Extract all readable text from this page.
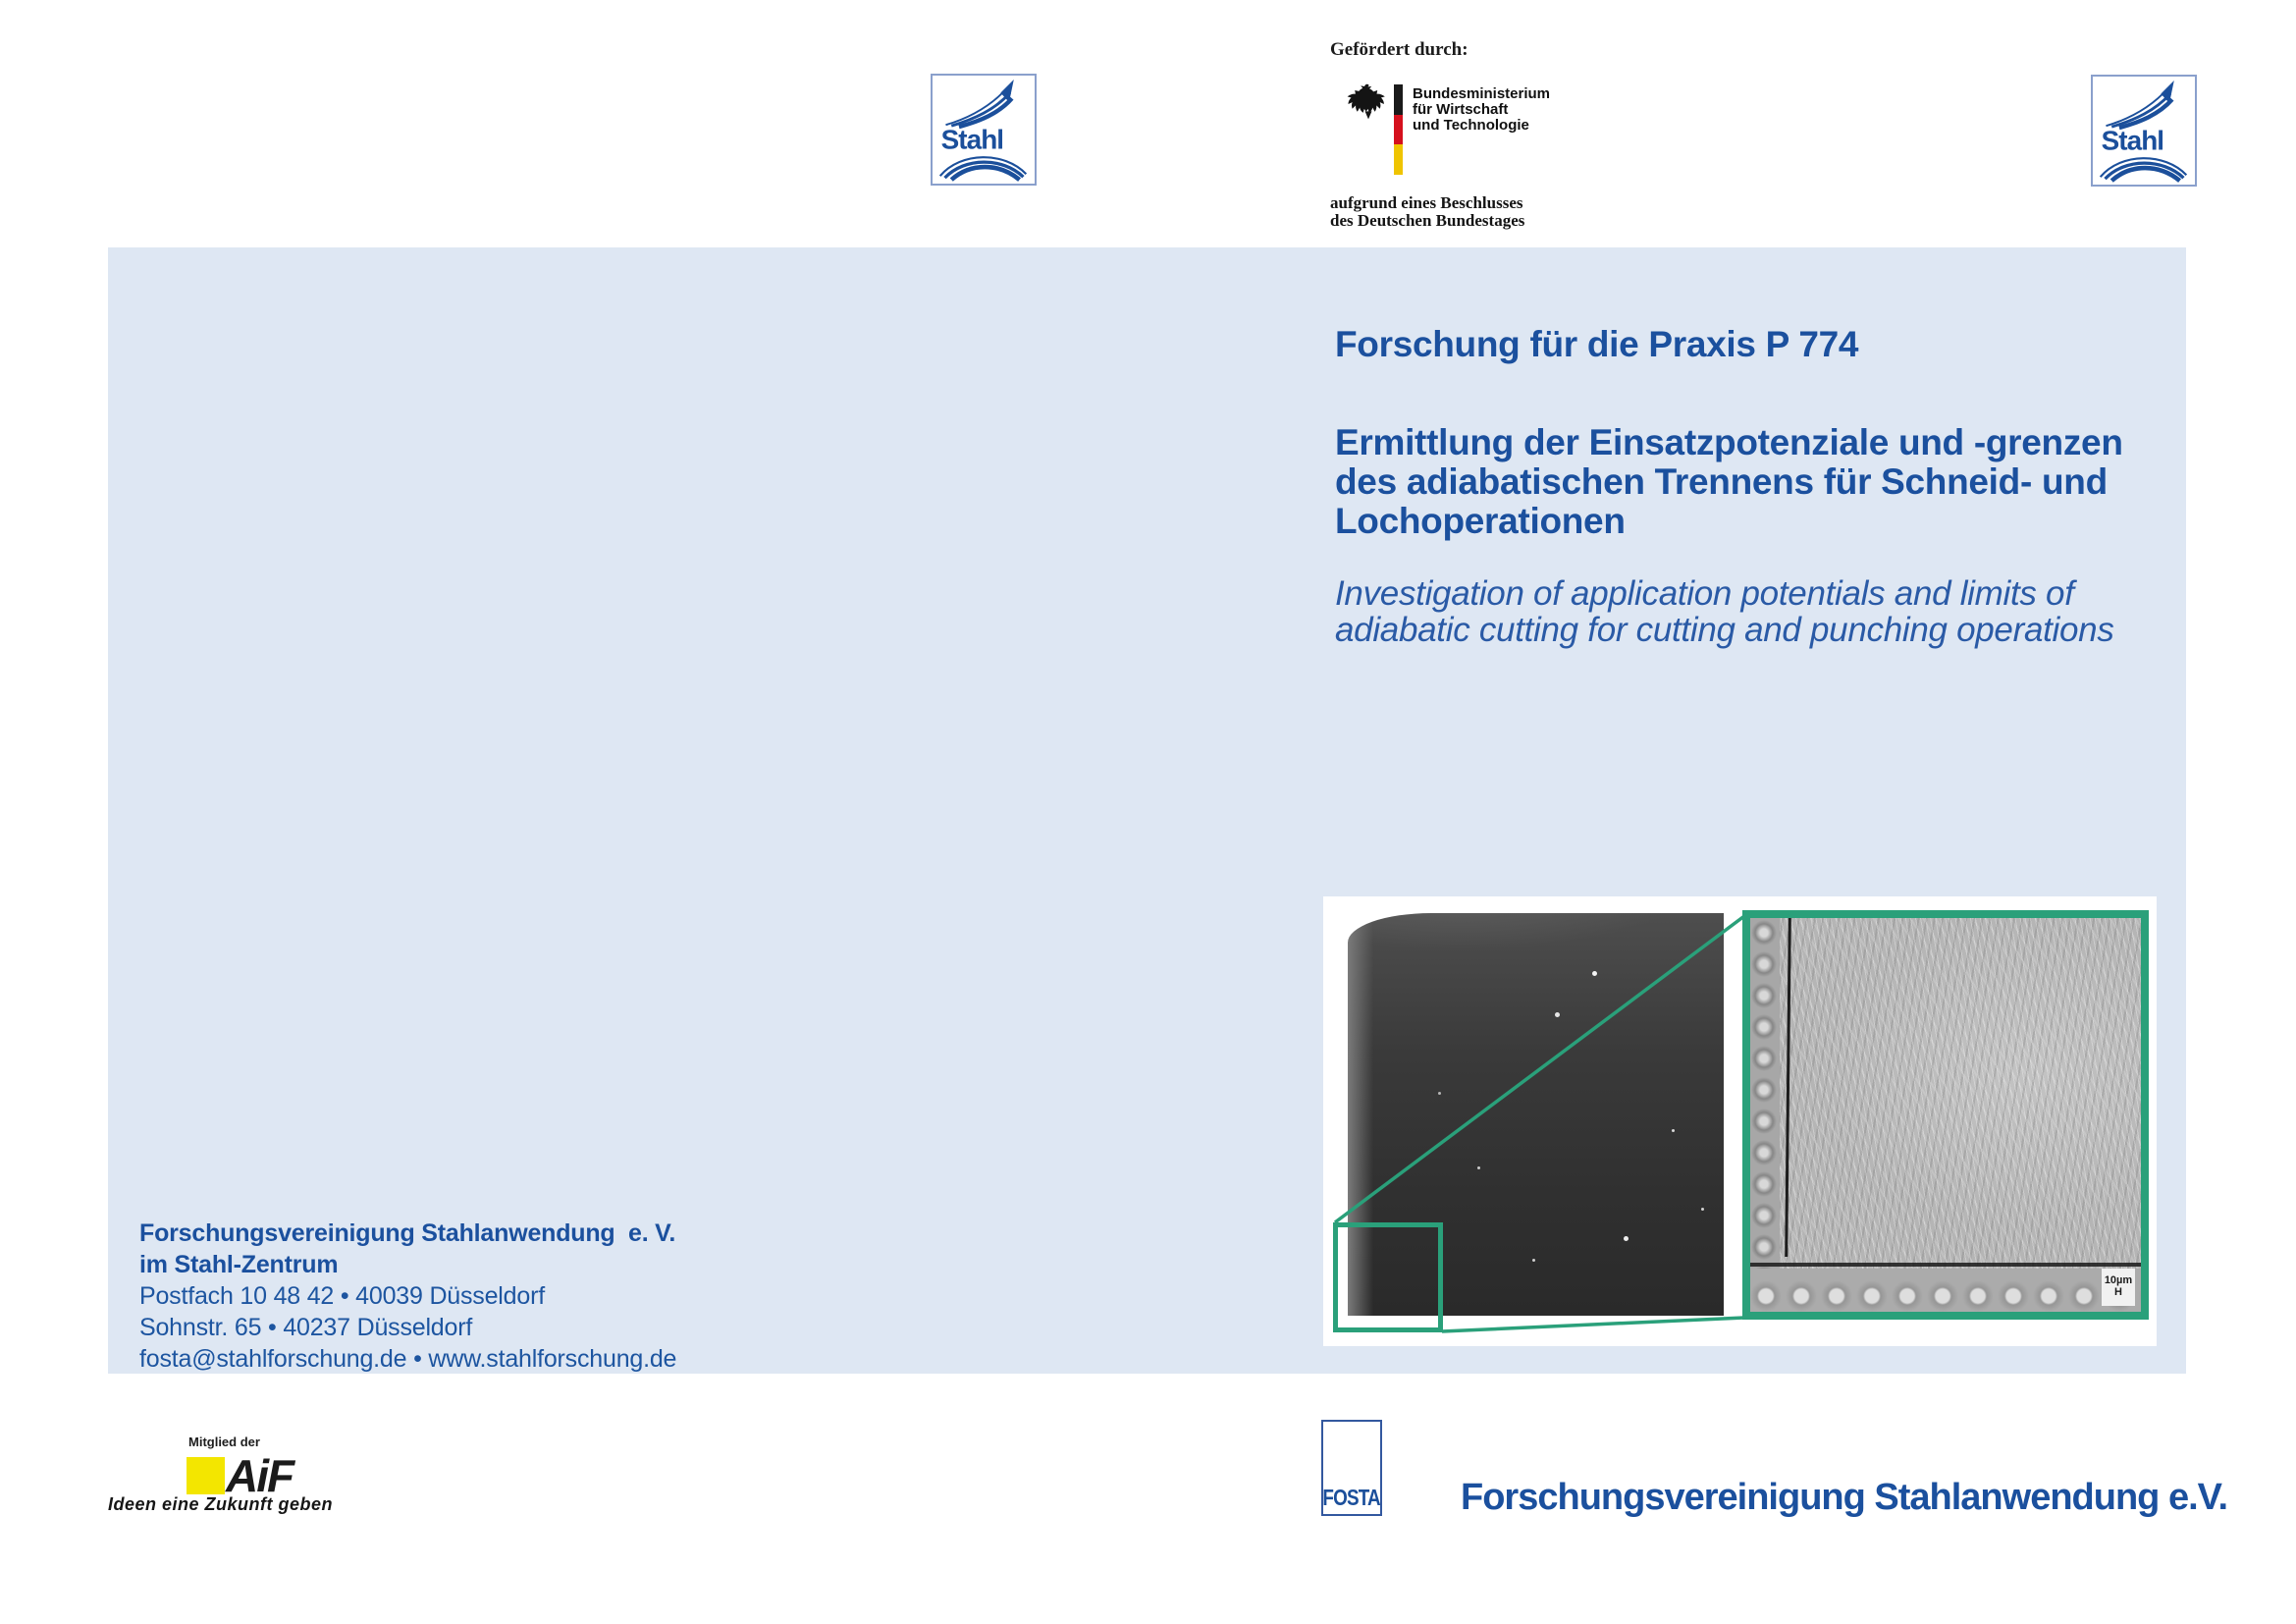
Stahl
Gefördert durch:
Bundesministerium
für Wirtschaft
und Technologie
aufgrund eines Beschlusses
des Deutschen Bundestages
Stahl
Forschung für die Praxis P 774
Ermittlung der Einsatzpotenziale und -grenzen
des adiabatischen Trennens für Schneid- und
Lochoperationen
Investigation of application potentials and limits of
adiabatic cutting for cutting and punching operations
10µm
H
Forschungsvereinigung Stahlanwendung  e. V.
im Stahl-Zentrum
Postfach 10 48 42 • 40039 Düsseldorf
Sohnstr. 65 • 40237 Düsseldorf
fosta@stahlforschung.de • www.stahlforschung.de
Mitglied der
AiF
Ideen eine Zukunft geben	FOSTA Forschungsvereinigung Stahlanwendung e.V.
